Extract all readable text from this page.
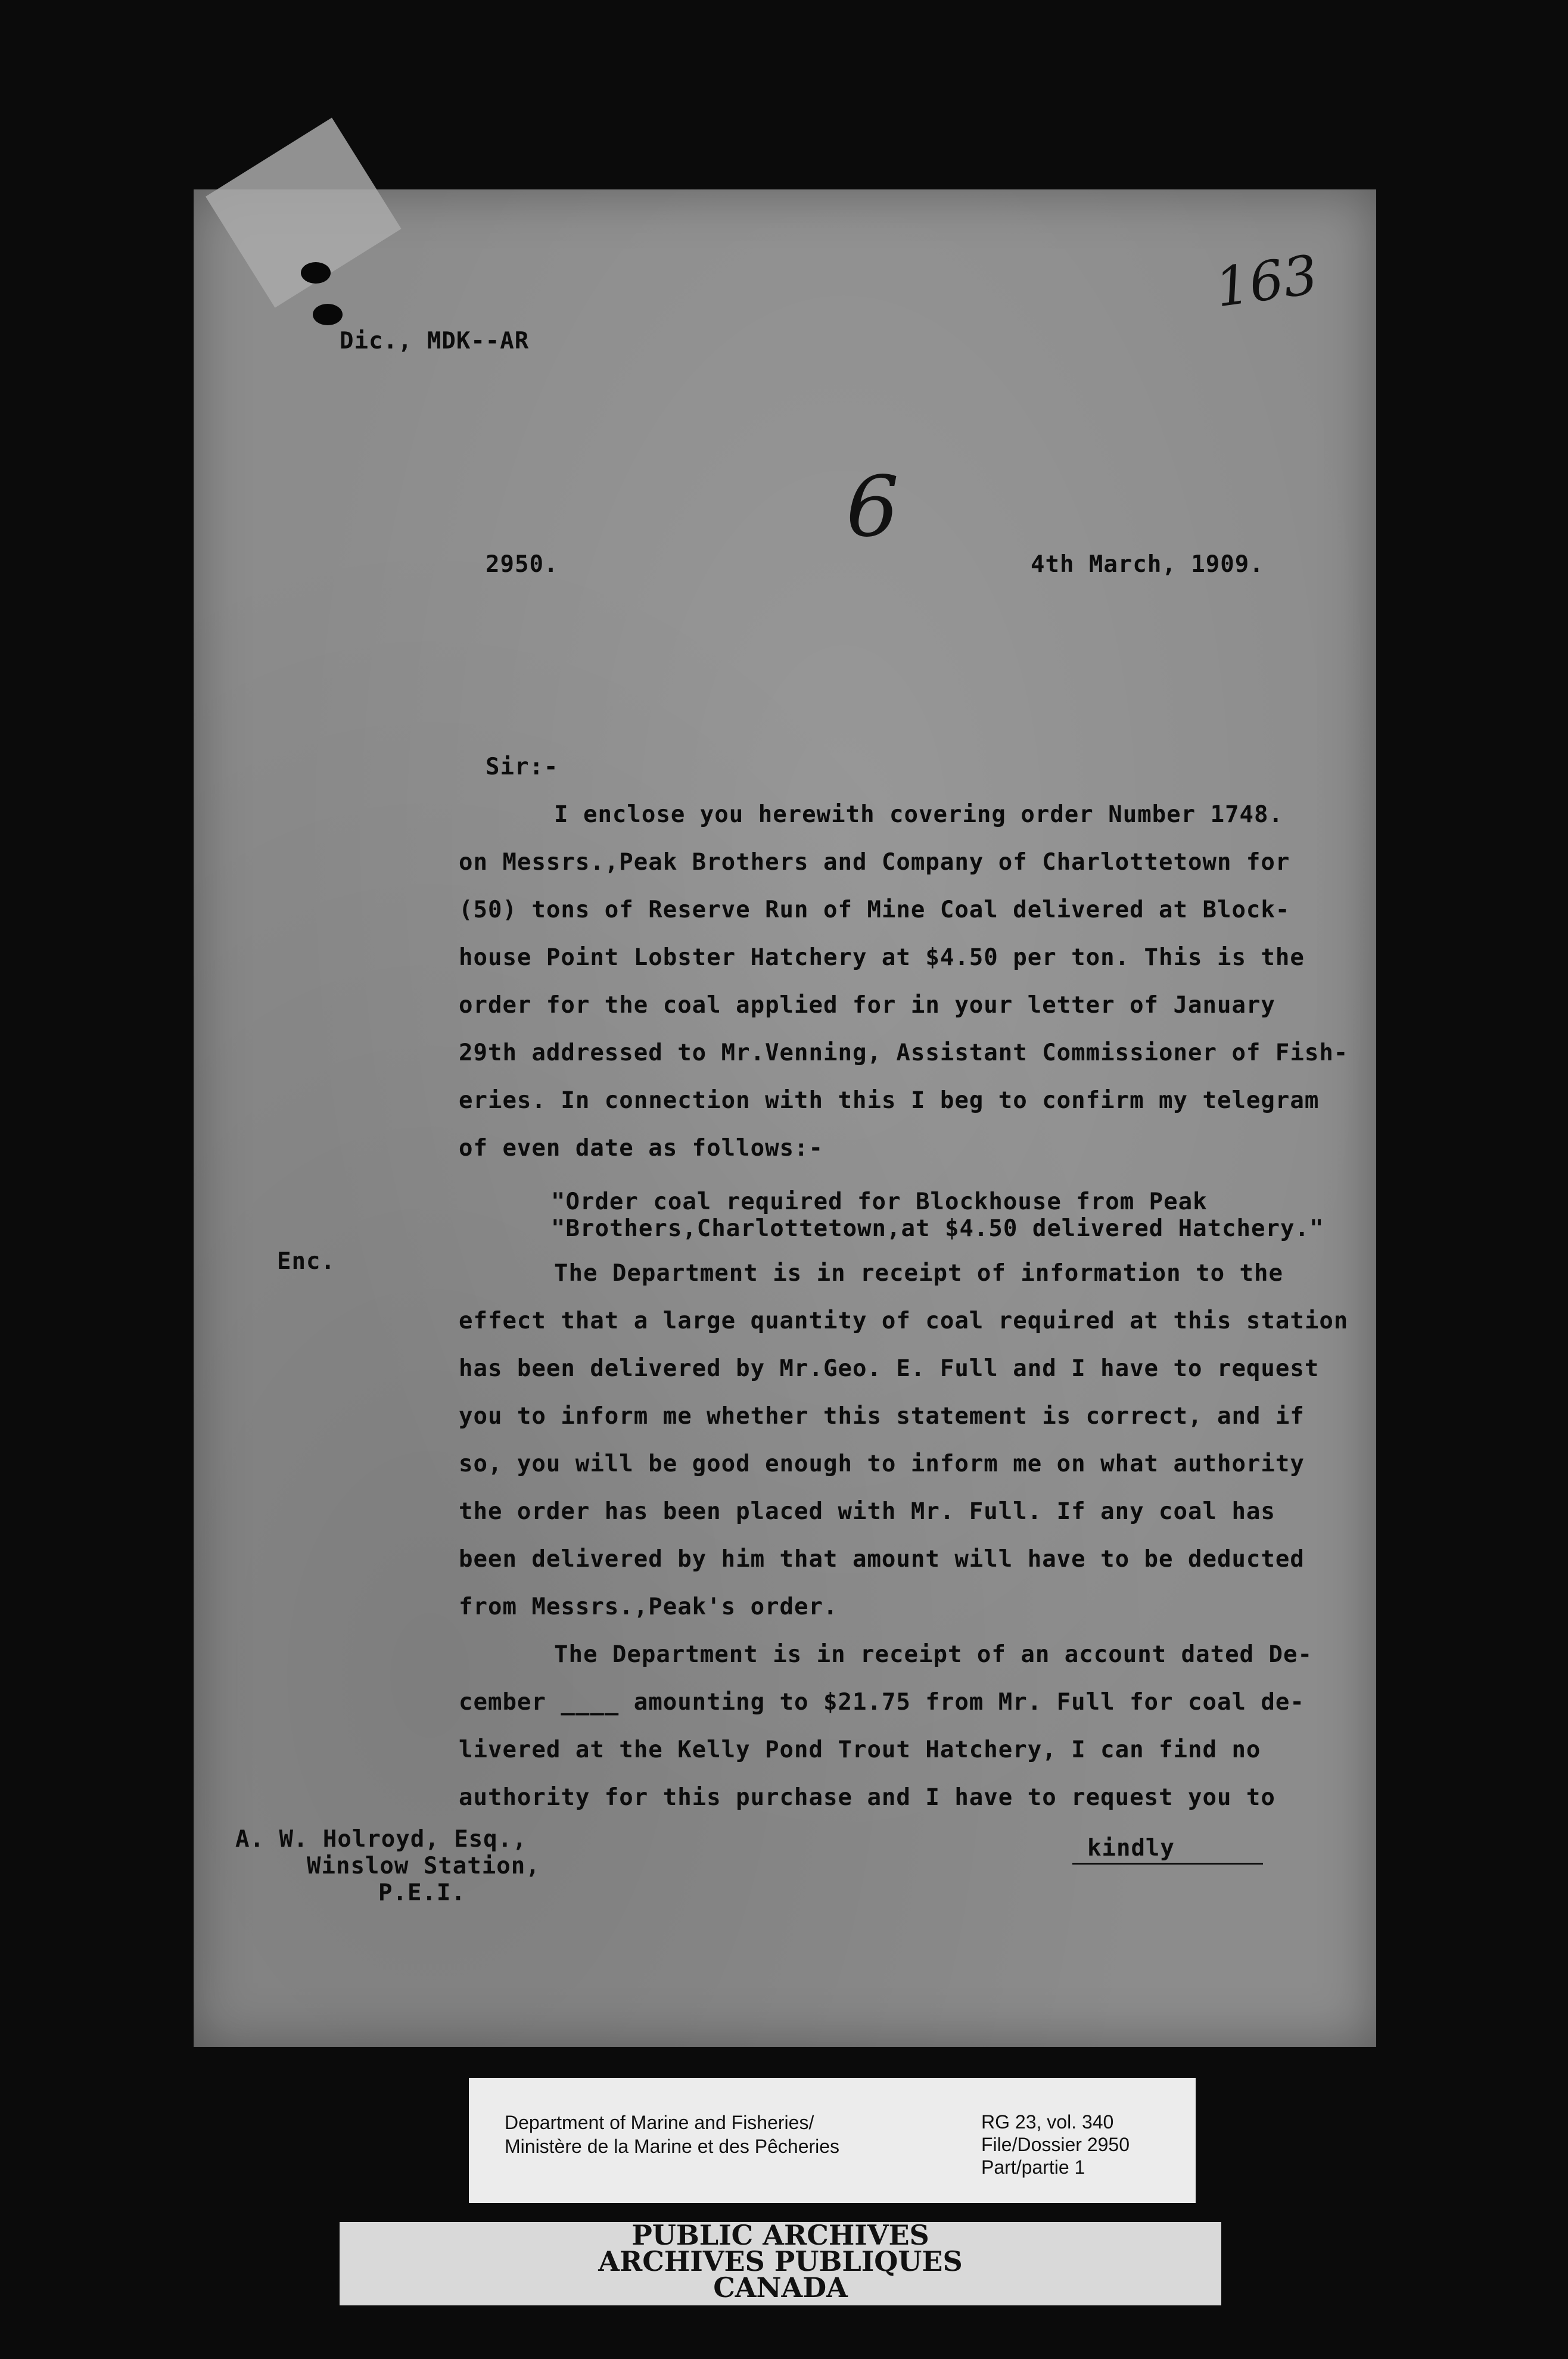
Dic., MDK--AR
163
6
2950.	4th March, 1909.
Sir:-
I enclose you herewith covering order Number 1748.
on Messrs.,Peak Brothers and Company of Charlottetown for
(50) tons of Reserve Run of Mine Coal delivered at Block-
house Point Lobster Hatchery at $4.50 per ton. This is the
order for the coal applied for in your letter of January
29th addressed to Mr.Venning, Assistant Commissioner of Fish-
eries. In connection with this I beg to confirm my telegram
of even date as follows:-
"Order coal required for Blockhouse from Peak
"Brothers,Charlottetown,at $4.50 delivered Hatchery."
Enc.	The Department is in receipt of information to the
effect that a large quantity of coal required at this station
has been delivered by Mr.Geo. E. Full and I have to request
you to inform me whether this statement is correct, and if
so, you will be good enough to inform me on what authority
the order has been placed with Mr. Full. If any coal has
been delivered by him that amount will have to be deducted
from Messrs.,Peak's order.
The Department is in receipt of an account dated De-
cember ____ amounting to $21.75 from Mr. Full for coal de-
livered at the Kelly Pond Trout Hatchery, I can find no
authority for this purchase and I have to request you to
kindly
A. W. Holroyd, Esq.,
Winslow Station,
P.E.I.
Department of Marine and Fisheries/
Ministère de la Marine et des Pêcheries
RG 23, vol. 340
File/Dossier 2950
Part/partie 1
PUBLIC ARCHIVES
ARCHIVES PUBLIQUES
CANADA
